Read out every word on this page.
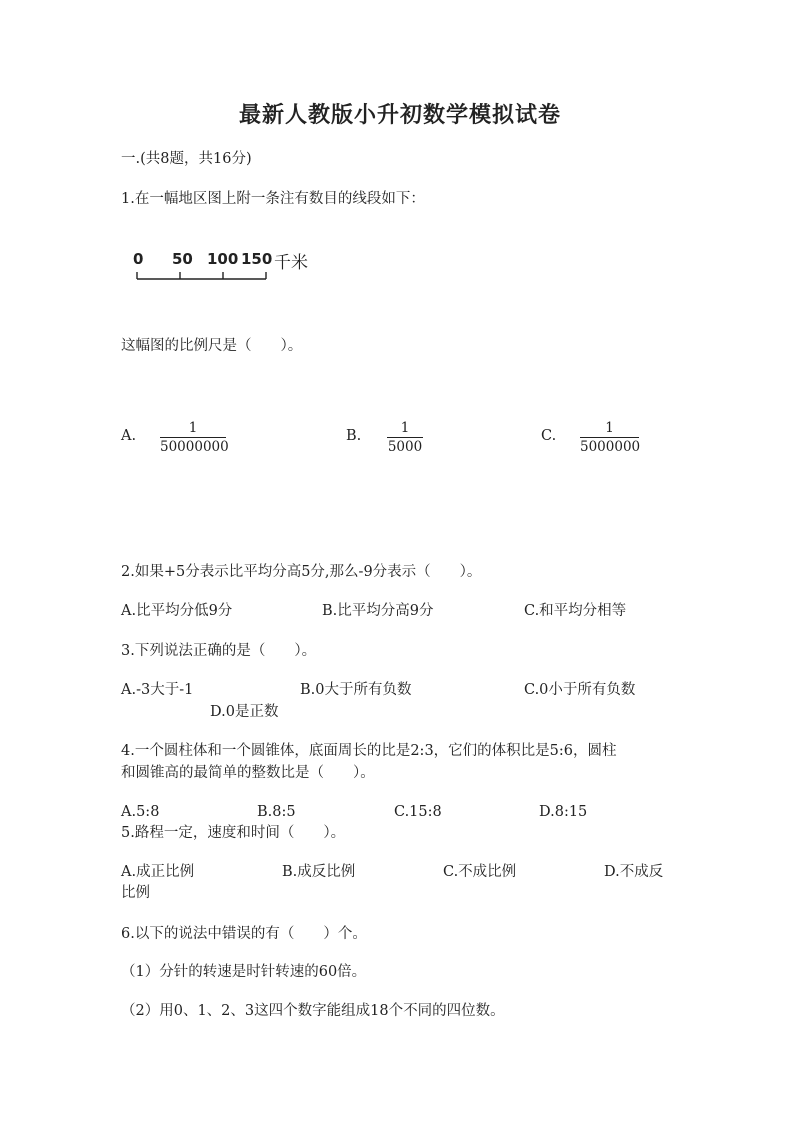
最新人教版小升初数学模拟试卷
一.(共8题，共16分)
1.在一幅地区图上附一条注有数目的线段如下：
0 50 100 150 千米
这幅图的比例尺是（　　）。
A. $\frac{1}{50000000}$	B. $\frac{1}{5000}$	C. $\frac{1}{5000000}$
2.如果+5分表示比平均分高5分,那么-9分表示（　　）。
A.比平均分低9分	B.比平均分高9分	C.和平均分相等
3.下列说法正确的是（　　）。
A.-3大于-1	B.0大于所有负数	C.0小于所有负数
D.0是正数
4.一个圆柱体和一个圆锥体，底面周长的比是2:3，它们的体积比是5:6，圆柱
和圆锥高的最简单的整数比是（　　）。
A.5:8	B.8:5	C.15:8	D.8:15
5.路程一定，速度和时间（　　）。
A.成正比例	B.成反比例	C.不成比例	D.不成反
比例
6.以下的说法中错误的有（　　）个。
（1）分针的转速是时针转速的60倍。
（2）用0、1、2、3这四个数字能组成18个不同的四位数。
